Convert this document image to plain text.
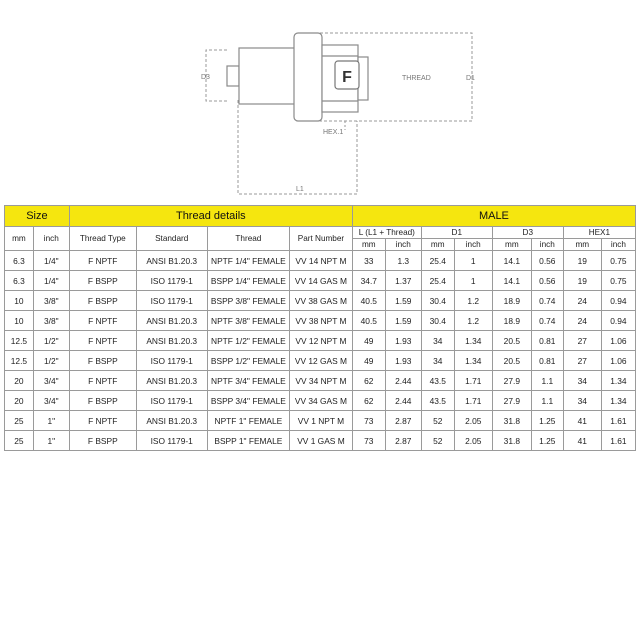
F
D3	THREAD	D1
HEX.1
L1
Size		Thread details				MALE							
mm	inch	Thread Type	Standard	Thread	Part Number	L (L1 + Thread)		D1		D3		HEX1	
						mm	inch	mm	inch	mm	inch	mm	inch
6.3	1/4"	F NPTF	ANSI B1.20.3	NPTF 1/4" FEMALE	VV 14 NPT M	33	1.3	25.4	1	14.1	0.56	19	0.75
6.3	1/4"	F BSPP	ISO 1179-1	BSPP 1/4" FEMALE	VV 14 GAS M	34.7	1.37	25.4	1	14.1	0.56	19	0.75
10	3/8"	F BSPP	ISO 1179-1	BSPP 3/8" FEMALE	VV 38 GAS M	40.5	1.59	30.4	1.2	18.9	0.74	24	0.94
10	3/8"	F NPTF	ANSI B1.20.3	NPTF 3/8" FEMALE	VV 38 NPT M	40.5	1.59	30.4	1.2	18.9	0.74	24	0.94
12.5	1/2"	F NPTF	ANSI B1.20.3	NPTF 1/2" FEMALE	VV 12 NPT M	49	1.93	34	1.34	20.5	0.81	27	1.06
12.5	1/2"	F BSPP	ISO 1179-1	BSPP 1/2" FEMALE	VV 12 GAS M	49	1.93	34	1.34	20.5	0.81	27	1.06
20	3/4"	F NPTF	ANSI B1.20.3	NPTF 3/4" FEMALE	VV 34 NPT M	62	2.44	43.5	1.71	27.9	1.1	34	1.34
20	3/4"	F BSPP	ISO 1179-1	BSPP 3/4" FEMALE	VV 34 GAS M	62	2.44	43.5	1.71	27.9	1.1	34	1.34
25	1"	F NPTF	ANSI B1.20.3	NPTF 1" FEMALE	VV 1 NPT M	73	2.87	52	2.05	31.8	1.25	41	1.61
25	1"	F BSPP	ISO 1179-1	BSPP 1" FEMALE	VV 1 GAS M	73	2.87	52	2.05	31.8	1.25	41	1.61
